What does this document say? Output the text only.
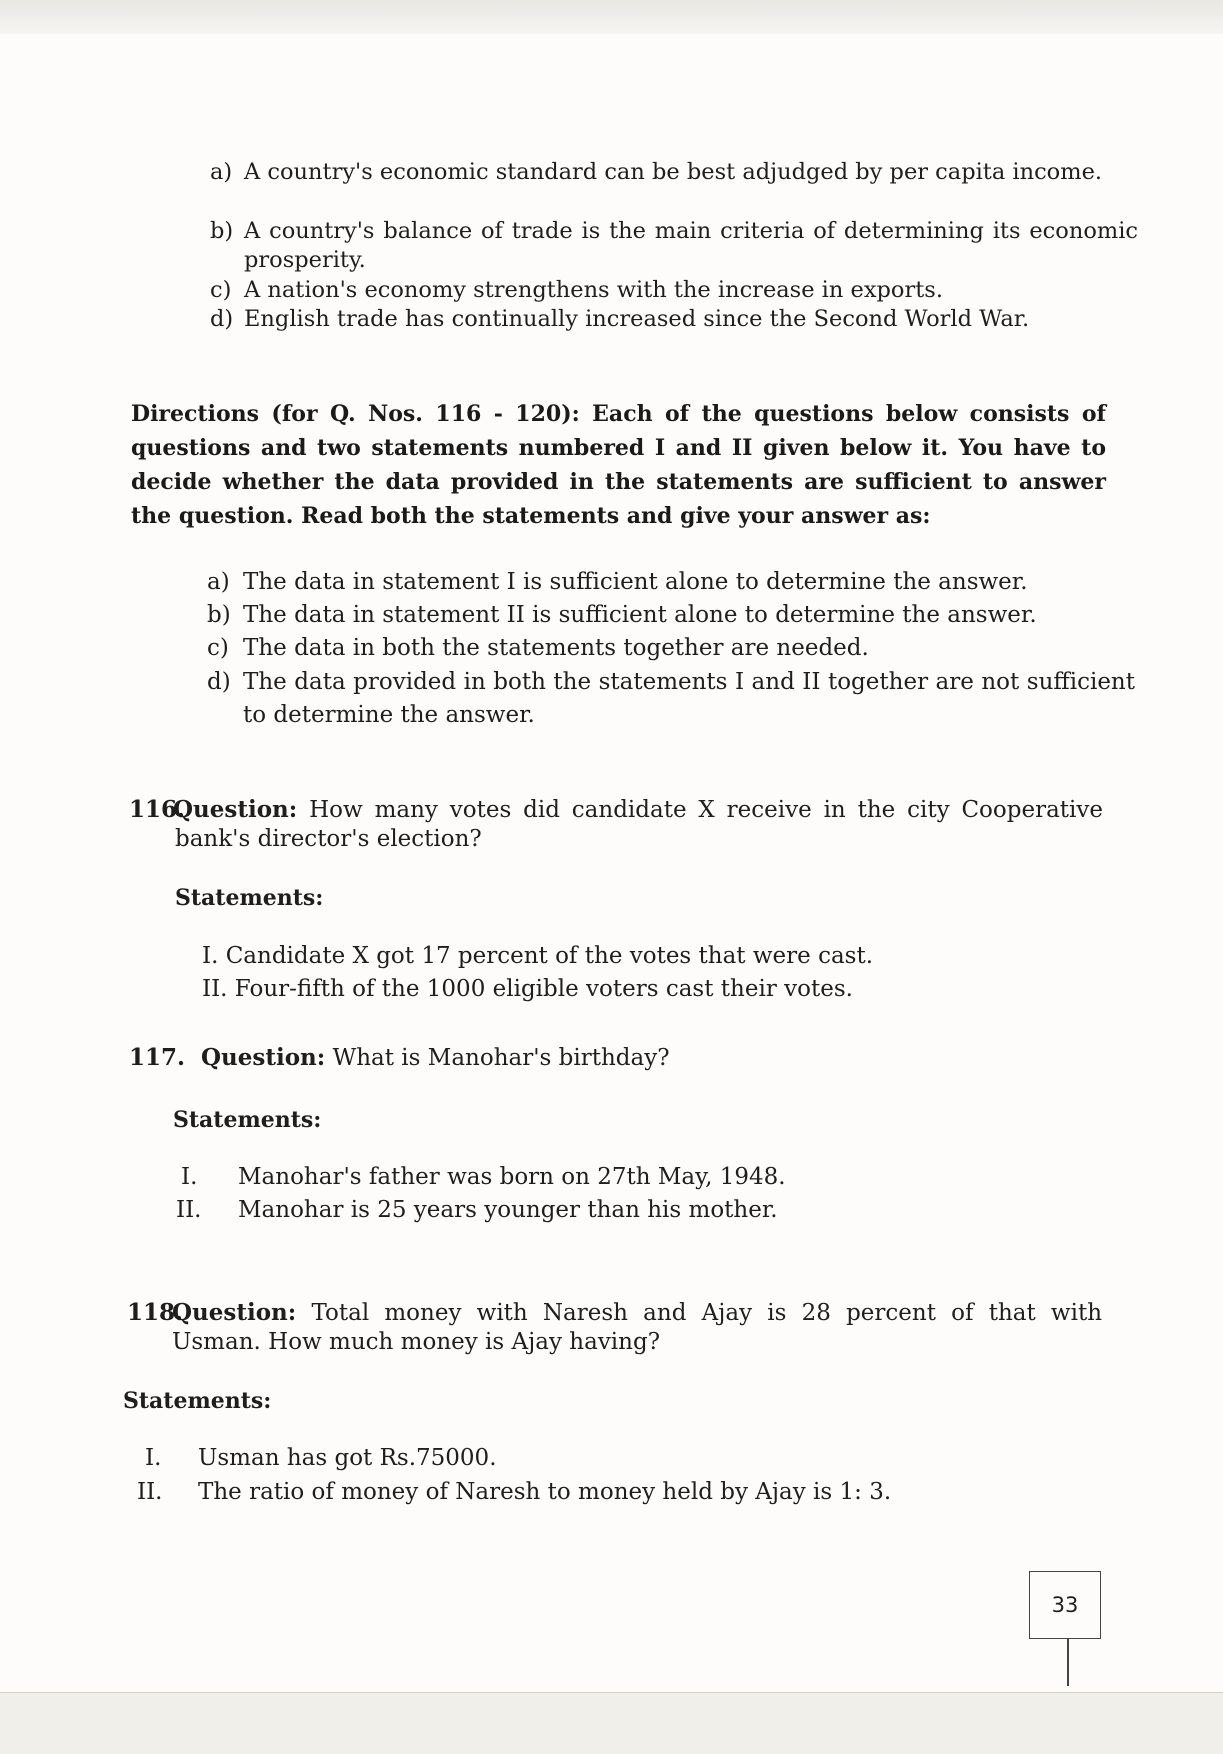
a) A country's economic standard can be best adjudged by per capita income.
b) A country's balance of trade is the main criteria of determining its economic prosperity.
c) A nation's economy strengthens with the increase in exports.
d) English trade has continually increased since the Second World War.
Directions (for Q. Nos. 116 - 120): Each of the questions below consists of questions and two statements numbered I and II given below it. You have to decide whether the data provided in the statements are sufficient to answer the question. Read both the statements and give your answer as:
a) The data in statement I is sufficient alone to determine the answer.
b) The data in statement II is sufficient alone to determine the answer.
c) The data in both the statements together are needed.
d) The data provided in both the statements I and II together are not sufficient to determine the answer.
116.
Question: How many votes did candidate X receive in the city Cooperative bank's director's election?
Statements:
I. Candidate X got 17 percent of the votes that were cast.
II. Four-fifth of the 1000 eligible voters cast their votes.
117. Question: What is Manohar's birthday?
Statements:
I. Manohar's father was born on 27th May, 1948.
II. Manohar is 25 years younger than his mother.
118.
Question: Total money with Naresh and Ajay is 28 percent of that with Usman. How much money is Ajay having?
Statements:
I. Usman has got Rs.75000.
II. The ratio of money of Naresh to money held by Ajay is 1: 3.
33
